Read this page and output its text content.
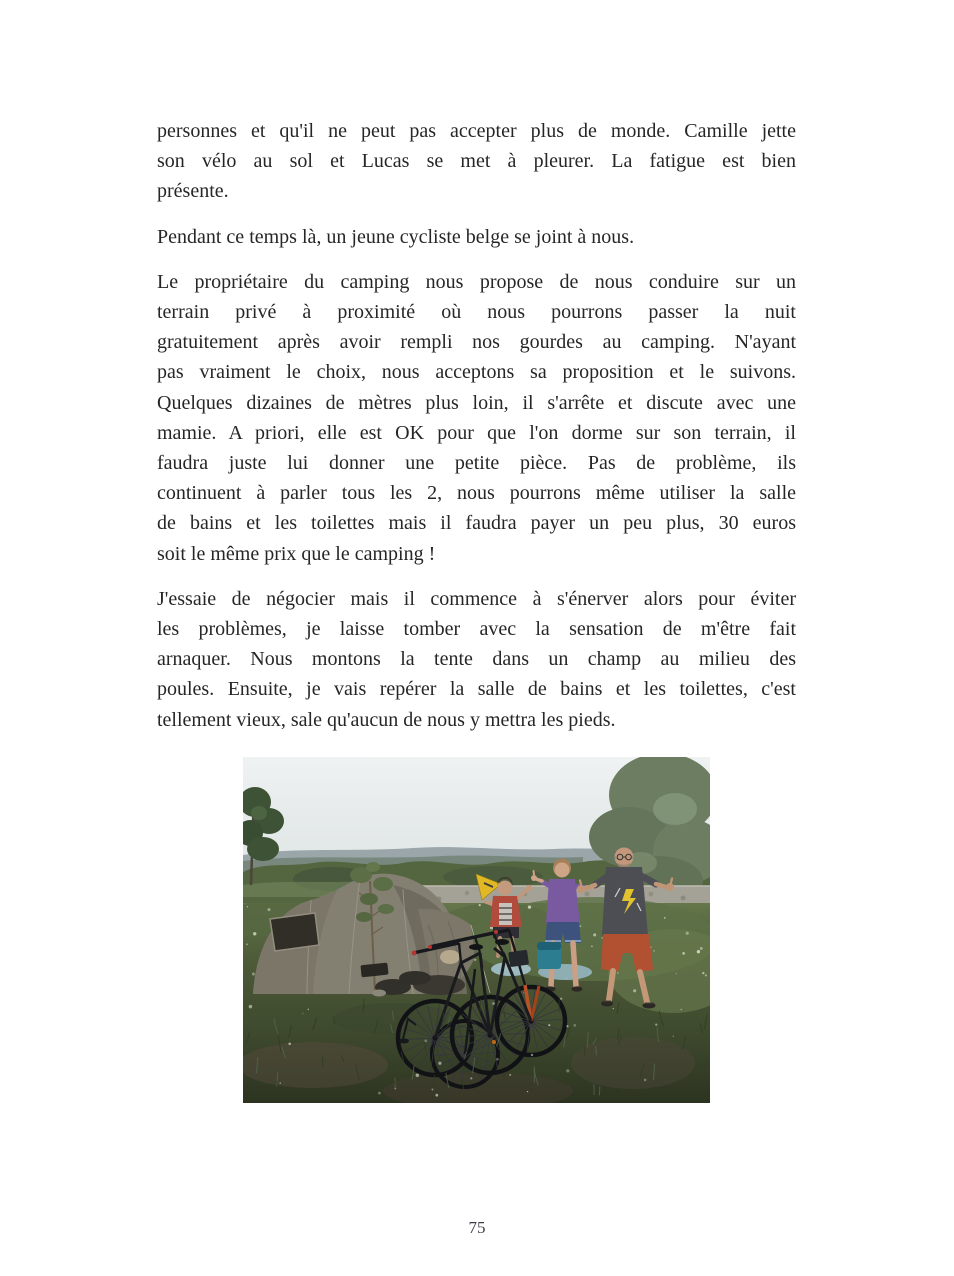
personnes et qu'il ne peut pas accepter plus de monde. Camille jette
son vélo au sol et Lucas se met à pleurer. La fatigue est bien
présente.

Pendant ce temps là, un jeune cycliste belge se joint à nous.

Le propriétaire du camping nous propose de nous conduire sur un
terrain privé à proximité où nous pourrons passer la nuit
gratuitement après avoir rempli nos gourdes au camping. N'ayant
pas vraiment le choix, nous acceptons sa proposition et le suivons.
Quelques dizaines de mètres plus loin, il s'arrête et discute avec une
mamie. A priori, elle est OK pour que l'on dorme sur son terrain, il
faudra juste lui donner une petite pièce. Pas de problème, ils
continuent à parler tous les 2, nous pourrons même utiliser la salle
de bains et les toilettes mais il faudra payer un peu plus, 30 euros
soit le même prix que le camping !

J'essaie de négocier mais il commence à s'énerver alors pour éviter
les problèmes, je laisse tomber avec la sensation de m'être fait
arnaquer. Nous montons la tente dans un champ au milieu des
poules. Ensuite, je vais repérer la salle de bains et les toilettes, c'est
tellement vieux, sale qu'aucun de nous y mettra les pieds.

75
